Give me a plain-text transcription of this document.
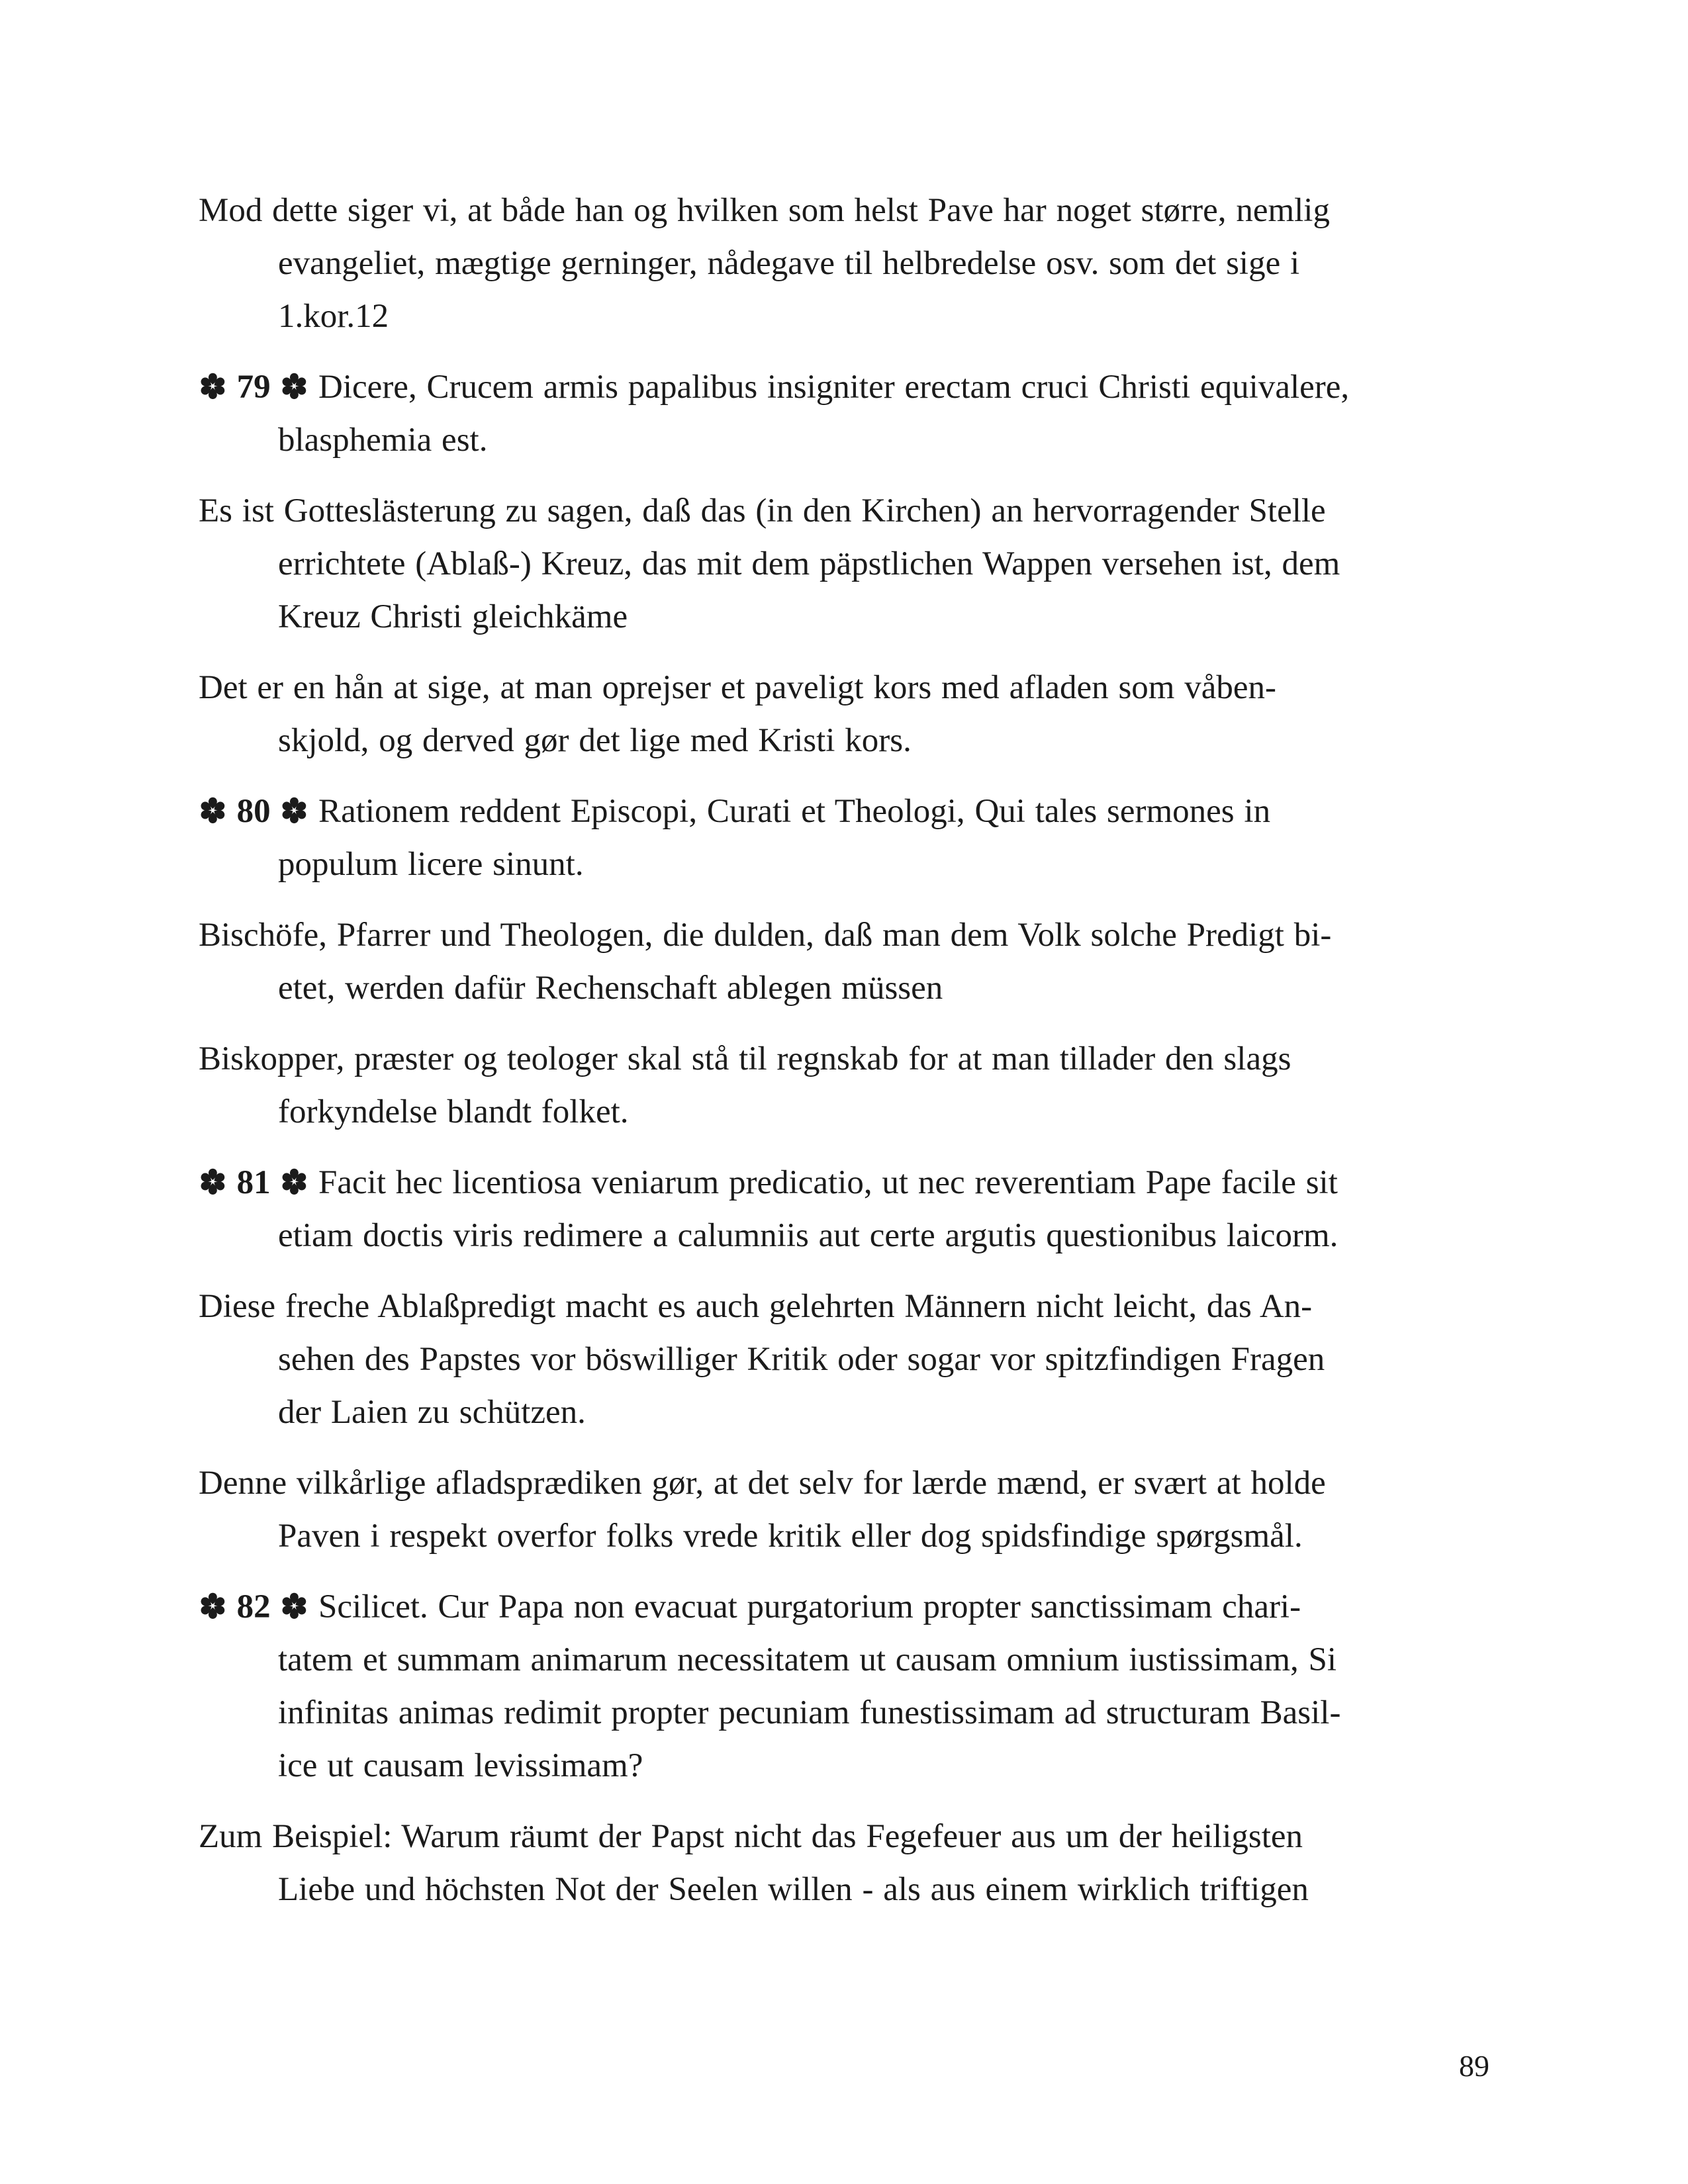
Mod dette siger vi, at både han og hvilken som helst Pave har noget større, nemlig
evangeliet, mægtige gerninger, nådegave til helbredelse osv. som det sige i
1.kor.12
79 Dicere, Crucem armis papalibus insigniter erectam cruci Christi equivalere,
blasphemia est.
Es ist Gotteslästerung zu sagen, daß das (in den Kirchen) an hervorragender Stelle
errichtete (Ablaß-) Kreuz, das mit dem päpstlichen Wappen versehen ist, dem
Kreuz Christi gleichkäme
Det er en hån at sige, at man oprejser et paveligt kors med afladen som våben-
skjold, og derved gør det lige med Kristi kors.
80 Rationem reddent Episcopi, Curati et Theologi, Qui tales sermones in
populum licere sinunt.
Bischöfe, Pfarrer und Theologen, die dulden, daß man dem Volk solche Predigt bi-
etet, werden dafür Rechenschaft ablegen müssen
Biskopper, præster og teologer skal stå til regnskab for at man tillader den slags
forkyndelse blandt folket.
81 Facit hec licentiosa veniarum predicatio, ut nec reverentiam Pape facile sit
etiam doctis viris redimere a calumniis aut certe argutis questionibus laicorm.
Diese freche Ablaßpredigt macht es auch gelehrten Männern nicht leicht, das An-
sehen des Papstes vor böswilliger Kritik oder sogar vor spitzfindigen Fragen
der Laien zu schützen.
Denne vilkårlige afladsprædiken gør, at det selv for lærde mænd, er svært at holde
Paven i respekt overfor folks vrede kritik eller dog spidsfindige spørgsmål.
82 Scilicet. Cur Papa non evacuat purgatorium propter sanctissimam chari-
tatem et summam animarum necessitatem ut causam omnium iustissimam, Si
infinitas animas redimit propter pecuniam funestissimam ad structuram Basil-
ice ut causam levissimam?
Zum Beispiel: Warum räumt der Papst nicht das Fegefeuer aus um der heiligsten
Liebe und höchsten Not der Seelen willen - als aus einem wirklich triftigen
89
